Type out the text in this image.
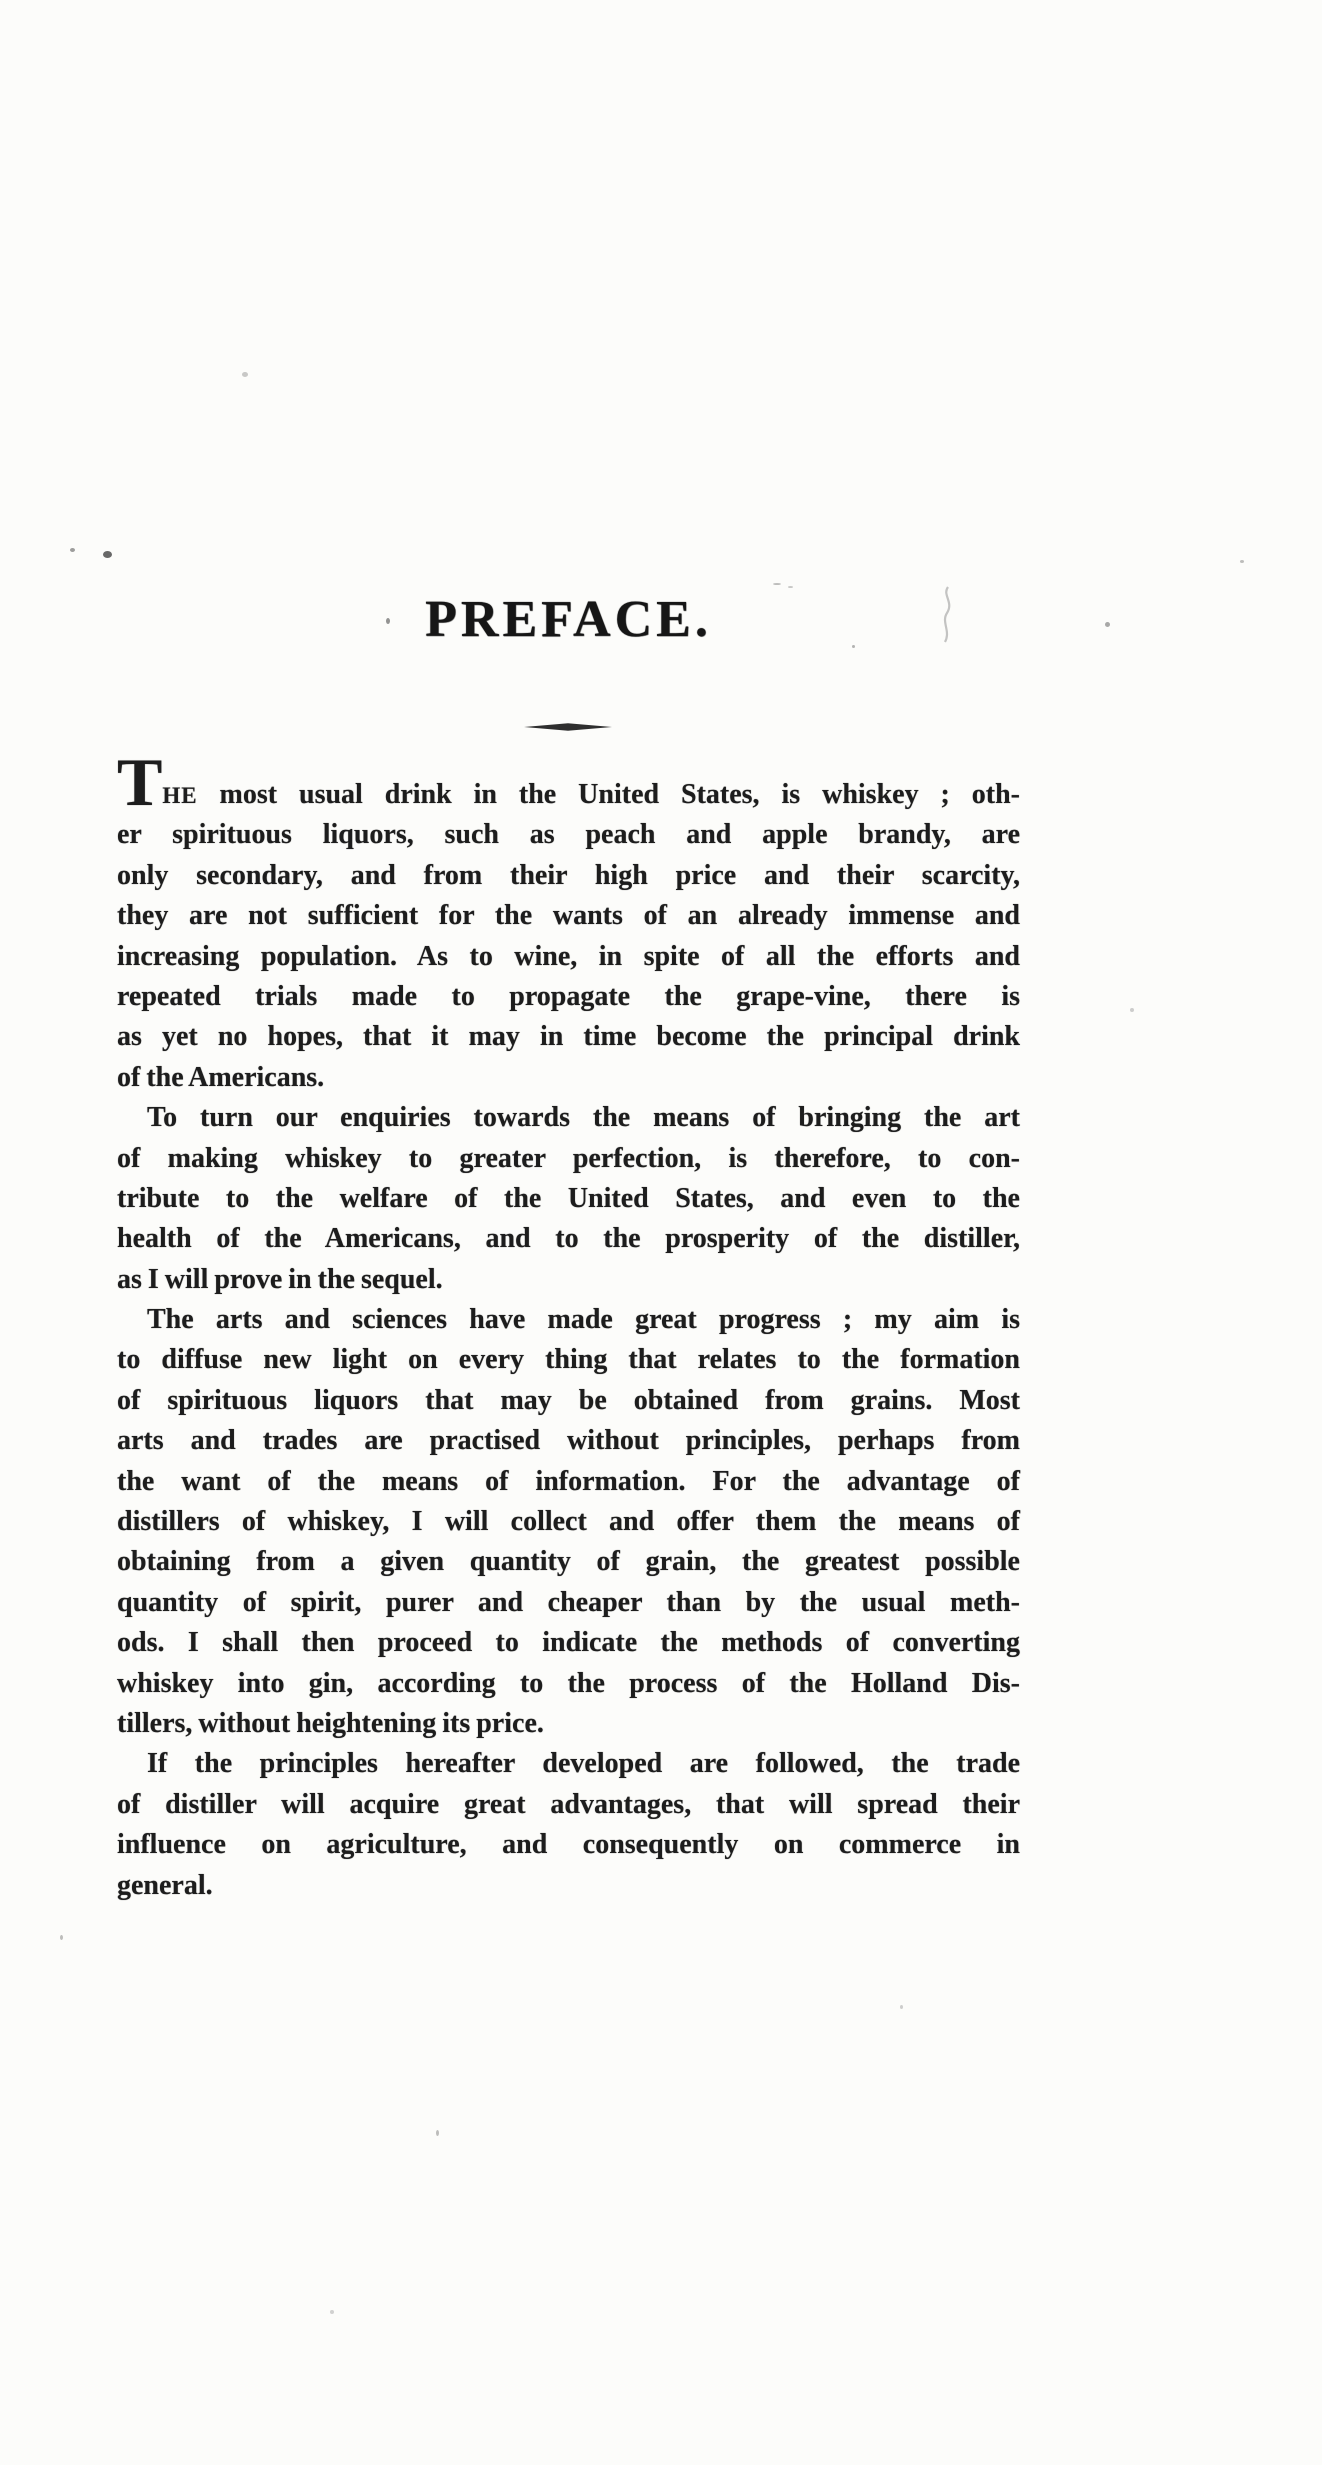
PREFACE.
THE most usual drink in the United States, is whiskey ; oth-
er spirituous liquors, such as peach and apple brandy, are
only secondary, and from their high price and their scarcity,
they are not sufficient for the wants of an already immense and
increasing population. As to wine, in spite of all the efforts and
repeated trials made to propagate the grape-vine, there is
as yet no hopes, that it may in time become the principal drink
of the Americans.
To turn our enquiries towards the means of bringing the art
of making whiskey to greater perfection, is therefore, to con-
tribute to the welfare of the United States, and even to the
health of the Americans, and to the prosperity of the distiller,
as I will prove in the sequel.
The arts and sciences have made great progress ; my aim is
to diffuse new light on every thing that relates to the formation
of spirituous liquors that may be obtained from grains. Most
arts and trades are practised without principles, perhaps from
the want of the means of information. For the advantage of
distillers of whiskey, I will collect and offer them the means of
obtaining from a given quantity of grain, the greatest possible
quantity of spirit, purer and cheaper than by the usual meth-
ods. I shall then proceed to indicate the methods of converting
whiskey into gin, according to the process of the Holland Dis-
tillers, without heightening its price.
If the principles hereafter developed are followed, the trade
of distiller will acquire great advantages, that will spread their
influence on agriculture, and consequently on commerce in
general.
